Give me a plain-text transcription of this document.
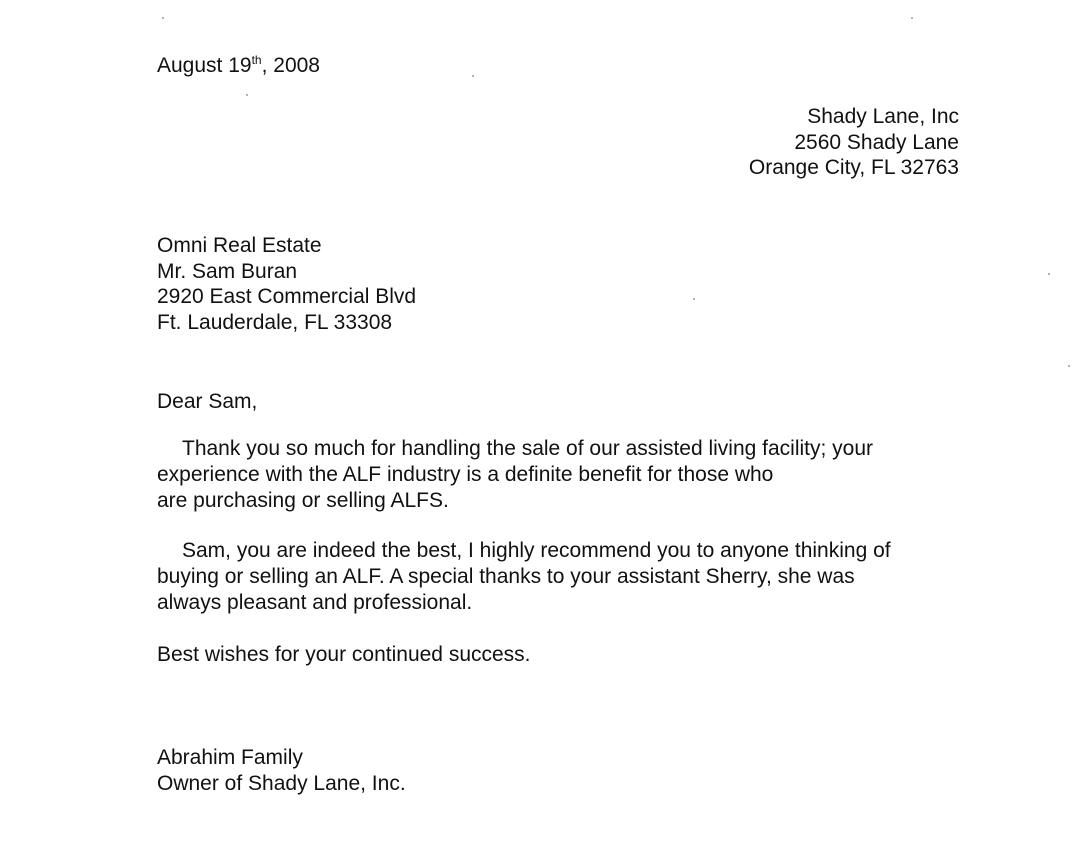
August 19th, 2008
Shady Lane, Inc
2560 Shady Lane
Orange City, FL 32763
Omni Real Estate
Mr. Sam Buran
2920 East Commercial Blvd
Ft. Lauderdale, FL 33308
Dear Sam,
Thank you so much for handling the sale of our assisted living facility; your
experience with the ALF industry is a definite benefit for those who
are purchasing or selling ALFS.
Sam, you are indeed the best, I highly recommend you to anyone thinking of
buying or selling an ALF. A special thanks to your assistant Sherry, she was
always pleasant and professional.
Best wishes for your continued success.
Abrahim Family
Owner of Shady Lane, Inc.
